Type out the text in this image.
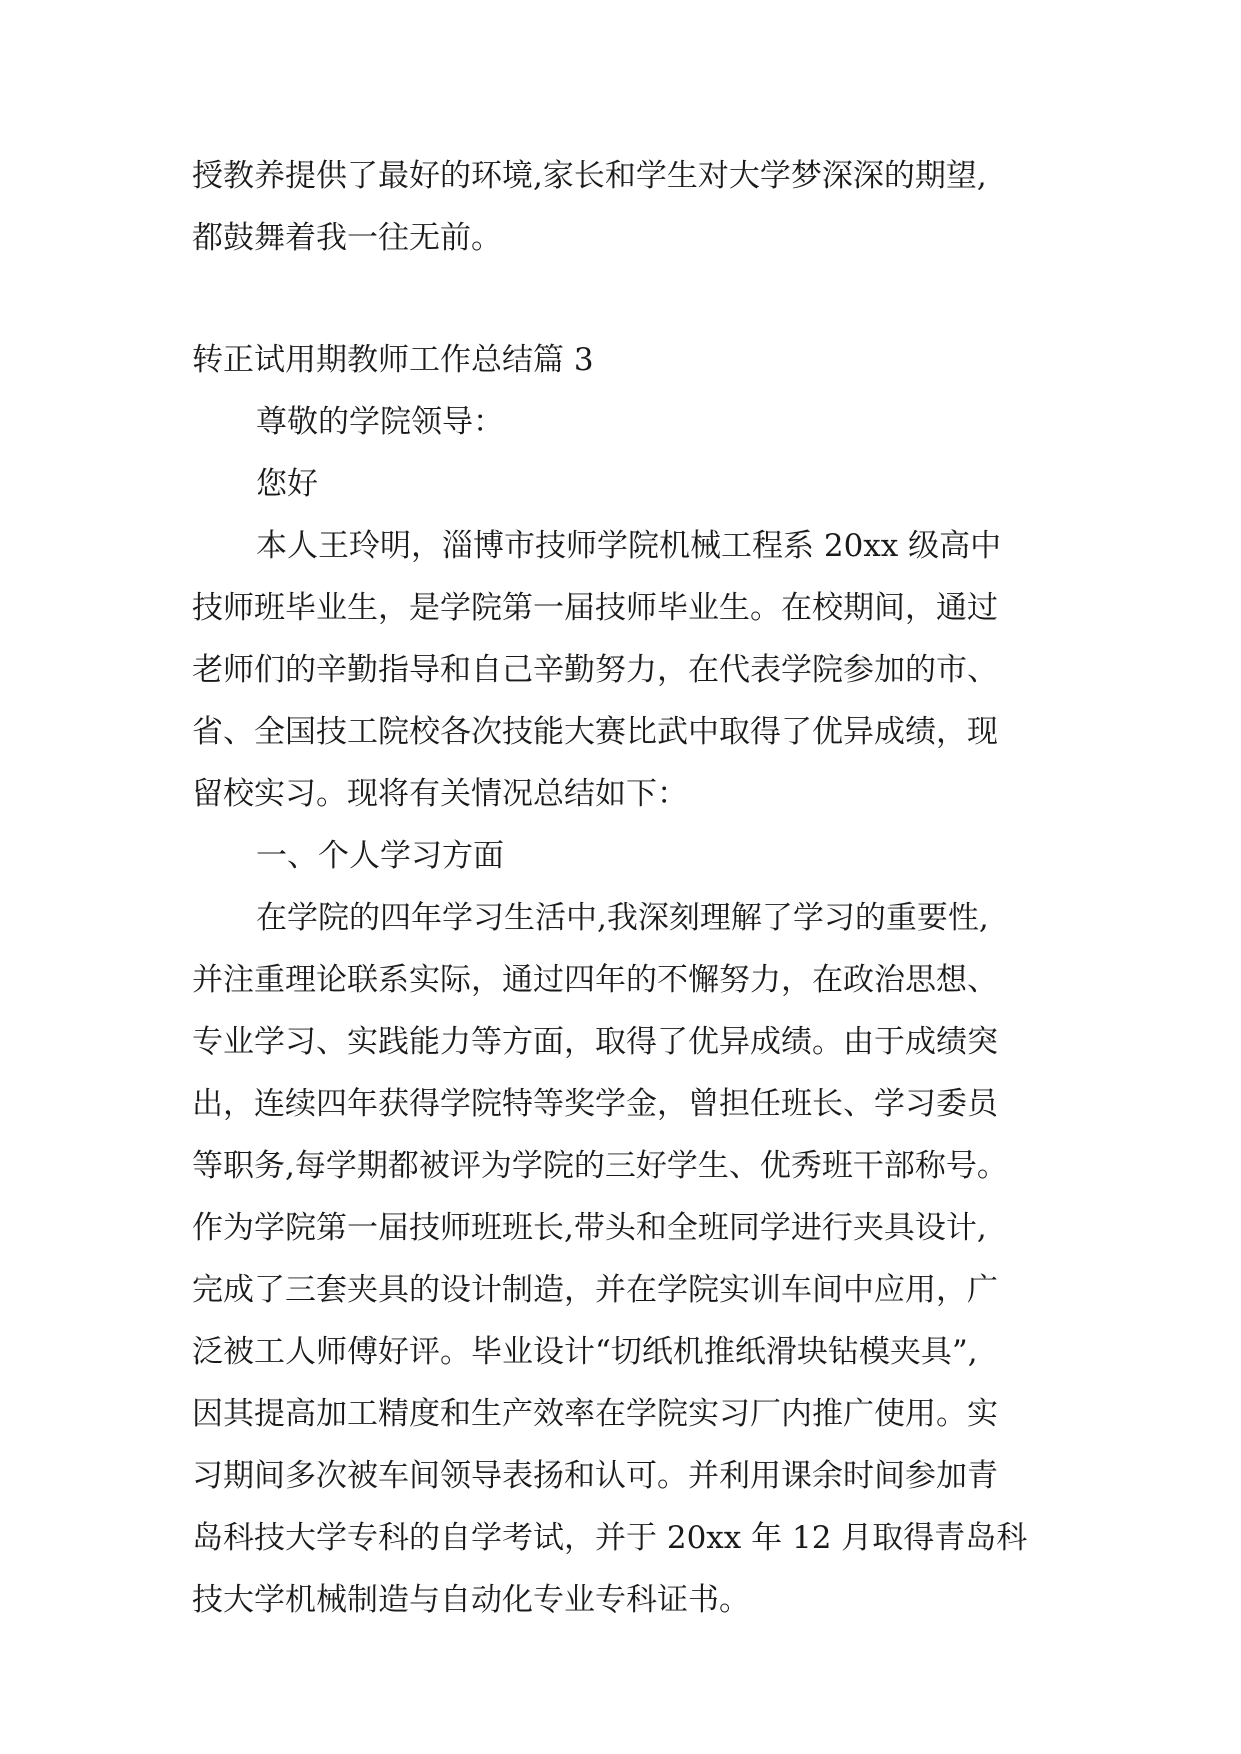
授教养提供了最好的环境,家长和学生对大学梦深深的期望,
都鼓舞着我一往无前。
转正试用期教师工作总结篇 3
尊敬的学院领导：
您好
本人王玲明，淄博市技师学院机械工程系 20xx 级高中
技师班毕业生，是学院第一届技师毕业生。在校期间，通过
老师们的辛勤指导和自己辛勤努力，在代表学院参加的市、
省、全国技工院校各次技能大赛比武中取得了优异成绩，现
留校实习。现将有关情况总结如下：
一、个人学习方面
在学院的四年学习生活中,我深刻理解了学习的重要性,
并注重理论联系实际，通过四年的不懈努力，在政治思想、
专业学习、实践能力等方面，取得了优异成绩。由于成绩突
出，连续四年获得学院特等奖学金，曾担任班长、学习委员
等职务,每学期都被评为学院的三好学生、优秀班干部称号。
作为学院第一届技师班班长,带头和全班同学进行夹具设计,
完成了三套夹具的设计制造，并在学院实训车间中应用，广
泛被工人师傅好评。毕业设计“切纸机推纸滑块钻模夹具”,
因其提高加工精度和生产效率在学院实习厂内推广使用。实
习期间多次被车间领导表扬和认可。并利用课余时间参加青
岛科技大学专科的自学考试，并于 20xx 年 12 月取得青岛科
技大学机械制造与自动化专业专科证书。
